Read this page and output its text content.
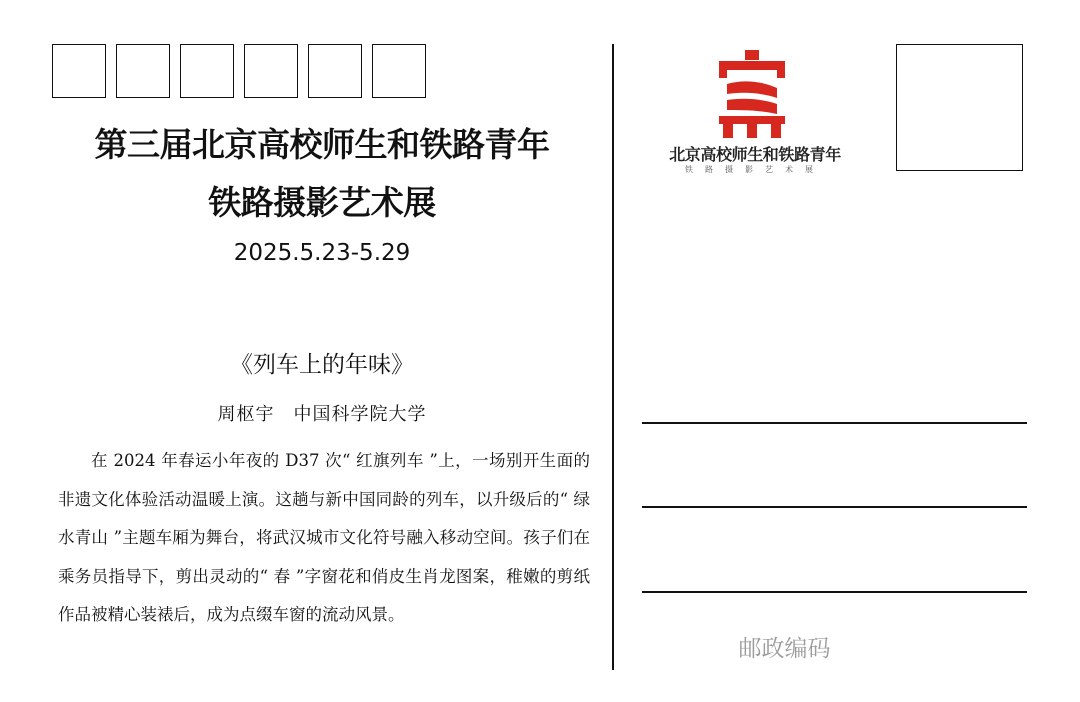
第三届北京高校师生和铁路青年
铁路摄影艺术展
2025.5.23-5.29
《列车上的年味》
周枢宇　中国科学院大学

在 2024 年春运小年夜的 D37 次“ 红旗列车 ”上，一场别开生面的非遗文化体验活动温暖上演。这趟与新中国同龄的列车，以升级后的“ 绿水青山 ”主题车厢为舞台，将武汉城市文化符号融入移动空间。孩子们在乘务员指导下，剪出灵动的“ 春 ”字窗花和俏皮生肖龙图案，稚嫩的剪纸作品被精心装裱后，成为点缀车窗的流动风景。

北京高校师生和铁路青年
铁路摄影艺术展
邮政编码
